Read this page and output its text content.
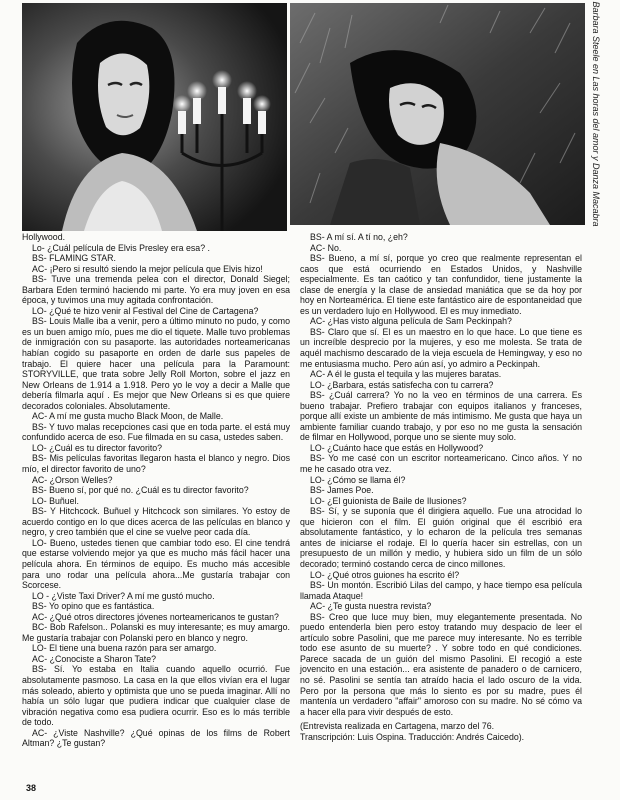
Barbara Steele en Las horas del amor y Danza Macabra

Hollywood.

Lo- ¿Cuál película de Elvis Presley era esa? .

BS- FLAMING STAR.

AC- ¡Pero si resultó siendo la mejor película que Elvis hizo!

BS- Tuve una tremenda pelea con el director, Donald Siegel; Barbara Eden terminó haciendo mi parte. Yo era muy joven en esa época, y tuvimos una muy agitada confrontación.

LO- ¿Qué te hizo venir al Festival del Cine de Cartagena?

BS- Louis Malle iba a venir, pero a último minuto no pudo, y como es un buen amigo mío, pues me dio el tiquete. Malle tuvo problemas de inmigración con su pasaporte. las autoridades norteamericanas habían cogido su pasaporte en orden de darle sus papeles de trabajo. El quiere hacer una película para la Paramount: STORYVILLE, que trata sobre Jelly Roll Morton, sobre el jazz en New Orleans de 1.914 a 1.918. Pero yo le voy a decir a Malle que debería filmarla aquí . Es mejor que New Orleans si es que quiere decorados coloniales. Absolutamente.

AC- A mí me gusta mucho Black Moon, de Malle.

BS- Y tuvo malas recepciones casi que en toda parte. el está muy confundido acerca de eso. Fue filmada en su casa, ustedes saben.

LO- ¿Cuál es tu director favorito?

BS- Mis películas favoritas llegaron hasta el blanco y negro. Dios mío, el director favorito de uno?

AC- ¿Orson Welles?

BS- Bueno sí, por qué no. ¿Cuál es tu director favorito?

LO- Buñuel.

BS- Y Hitchcock. Buñuel y Hitchcock son similares. Yo estoy de acuerdo contigo en lo que dices acerca de las películas en blanco y negro, y creo también que el cine se vuelve peor cada día.

LO- Bueno, ustedes tienen que cambiar todo eso. El cine tendrá que estarse volviendo mejor ya que es mucho más fácil hacer una película ahora. En términos de equipo. Es mucho más accesible para uno rodar una película ahora...Me gustaría trabajar con Scorcese.

LO - ¿Viste Taxi Driver? A mí me gustó mucho.

BS- Yo opino que es fantástica.

AC- ¿Qué otros directores jóvenes norteamericanos te gustan?

BC- Bob Rafelson.. Polanski es muy interesante; es muy amargo. Me gustaría trabajar con Polanski pero en blanco y negro.

LO- El tiene una buena razón para ser amargo.

AC- ¿Conociste a Sharon Tate?

BS- Sí. Yo estaba en Italia cuando aquello ocurrió. Fue absolutamente pasmoso. La casa en la que ellos vivían era el lugar más soleado, abierto y optimista que uno se pueda imaginar. Allí no había un sólo lugar que pudiera indicar que cualquier clase de vibración negativa como esa pudiera ocurrir. Eso es lo más terrible de todo.

AC- ¿Viste Nashville? ¿Qué opinas de los films de Robert Altman? ¿Te gustan?

BS- A mí sí. A tí no, ¿eh?

AC- No.

BS- Bueno, a mí sí, porque yo creo que realmente representan el caos que está ocurriendo en Estados Unidos, y Nashville especialmente. Es tan caótico y tan confundidor, tiene justamente la clase de energía y la clase de ansiedad maniática que se da hoy por hoy en Norteamérica. El tiene este fantástico aire de espontaneidad que es un verdadero lujo en Hollywood. El es muy inmediato.

AC- ¿Has visto alguna película de Sam Peckinpah?

BS- Claro que sí. El es un maestro en lo que hace. Lo que tiene es un increíble desprecio por la mujeres, y eso me molesta. Se trata de aquél machismo descarado de la vieja escuela de Hemingway, y eso no me entusiasma mucho. Pero aún así, yo admiro a Peckinpah.

AC- A él le gusta el tequila y las mujeres baratas.

LO- ¿Barbara, estás satisfecha con tu carrera?

BS- ¿Cuál carrera? Yo no la veo en términos de una carrera. Es bueno trabajar. Prefiero trabajar con equipos italianos y franceses, porque allí existe un ambiente de más intimismo. Me gusta que haya un ambiente familiar cuando trabajo, y por eso no me gusta la sensación de filmar en Hollywood, porque uno se siente muy solo.

LO- ¿Cuánto hace que estás en Hollywood?

BS- Yo me casé con un escritor norteamericano. Cinco años. Y no me he casado otra vez.

LO- ¿Cómo se llama él?

BS- James Poe.

LO- ¿El guionista de Baile de Ilusiones?

BS- Sí, y se suponía que él dirigiera aquello. Fue una atrocidad lo que hicieron con el film. El guión original que él escribió era absolutamente fantástico, y lo echaron de la película tres semanas antes de iniciarse el rodaje. El lo quería hacer sin estrellas, con un presupuesto de un millón y medio, y hubiera sido un film de un sólo decorado; terminó costando cerca de cinco millones.

LO- ¿Qué otros guiones ha escrito él?

BS- Un montón. Escribió Lilas del campo, y hace tiempo esa película llamada Ataque!

AC- ¿Te gusta nuestra revista?

BS- Creo que luce muy bien, muy elegantemente presentada. No puedo entenderla bien pero estoy tratando muy despacio de leer el artículo sobre Pasolini, que me parece muy interesante. No es terrible todo ese asunto de su muerte? . Y sobre todo en qué condiciones. Parece sacada de un guión del mismo Pasolini. El recogió a este jovencito en una estación... era asistente de panadero o de carnicero, no sé. Pasolini se sentía tan atraído hacia el lado oscuro de la vida. Pero por la persona que más lo siento es por su madre, pues él mantenía un verdadero "affair" amoroso con su madre. No sé cómo va a hacer ella para vivir después de esto.

(Entrevista realizada en Cartagena, marzo del 76.

Transcripción: Luis Ospina. Traducción: Andrés Caicedo).

38
